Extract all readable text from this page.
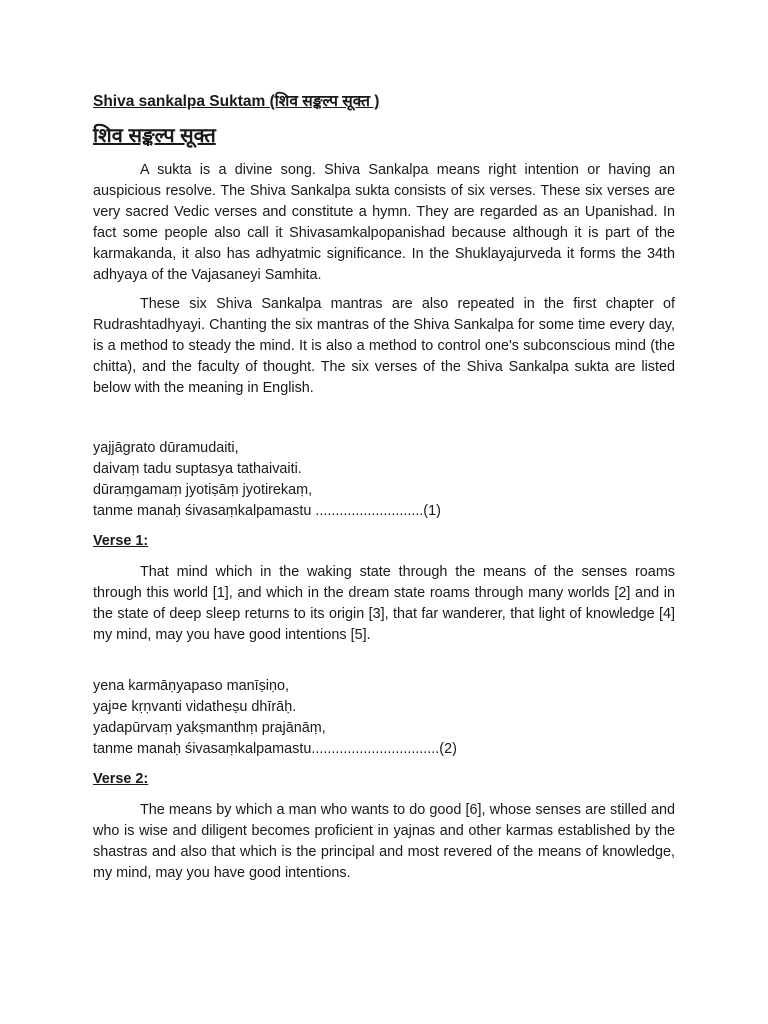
Shiva sankalpa Suktam (शिव सङ्कल्प सूक्त )

शिव सङ्कल्प सूक्त

A sukta is a divine song. Shiva Sankalpa means right intention or having an auspicious resolve. The Shiva Sankalpa sukta consists of six verses. These six verses are very sacred Vedic verses and constitute a hymn. They are regarded as an Upanishad. In fact some people also call it Shivasamkalpopanishad because although it is part of the karmakanda, it also has adhyatmic significance. In the Shuklayajurveda it forms the 34th adhyaya of the Vajasaneyi Samhita.

These six Shiva Sankalpa mantras are also repeated in the first chapter of Rudrashtadhyayi. Chanting the six mantras of the Shiva Sankalpa for some time every day, is a method to steady the mind. It is also a method to control one's subconscious mind (the chitta), and the faculty of thought. The six verses of the Shiva Sankalpa sukta are listed below with the meaning in English.

yajjāgrato dūramudaiti,
daivaṃ tadu suptasya tathaivaiti.
dūraṃgamaṃ jyotiṣāṃ jyotirekaṃ,
tanme manaḥ śivasaṃkalpamastu ...........................(1)

Verse 1:

That mind which in the waking state through the means of the senses roams through this world [1], and which in the dream state roams through many worlds [2] and in the state of deep sleep returns to its origin [3], that far wanderer, that light of knowledge [4] my mind, may you have good intentions [5].

yena karmāṇyapaso manīṣiṇo,
yaj¤e kṛṇvanti vidatheṣu dhīrāḥ.
yadapūrvaṃ yakṣmanthṃ prajānāṃ,
tanme manaḥ śivasaṃkalpamastu................................(2)

Verse 2:

The means by which a man who wants to do good [6], whose senses are stilled and who is wise and diligent becomes proficient in yajnas and other karmas established by the shastras and also that which is the principal and most revered of the means of knowledge, my mind, may you have good intentions.
